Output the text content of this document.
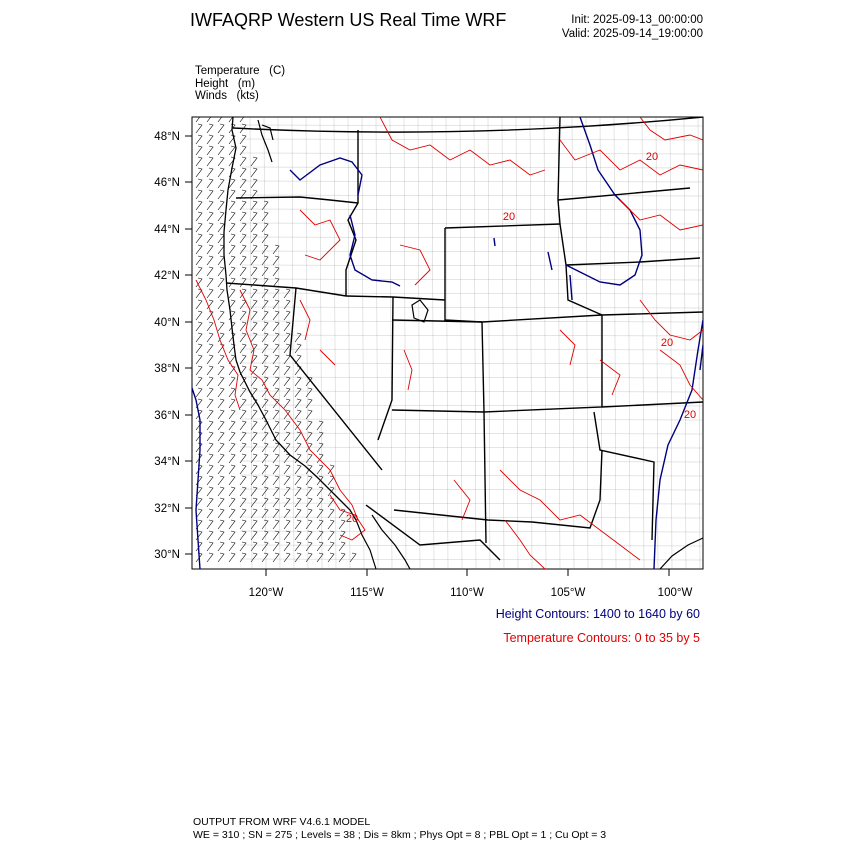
IWFAQRP Western US Real Time WRF	Init: 2025-09-13_00:00:00
Valid: 2025-09-14_19:00:00
Temperature   (C)
Height   (m)
Winds   (kts)
20
20
20
20
20
48°N
46°N
44°N
42°N
40°N
38°N
36°N
34°N
32°N
30°N
120°W	115°W	110°W	105°W	100°W
Height Contours: 1400 to 1640 by 60
Temperature Contours: 0 to 35 by 5
OUTPUT FROM WRF V4.6.1 MODEL
WE = 310 ; SN = 275 ; Levels = 38 ; Dis = 8km ; Phys Opt = 8 ; PBL Opt = 1 ; Cu Opt = 3
